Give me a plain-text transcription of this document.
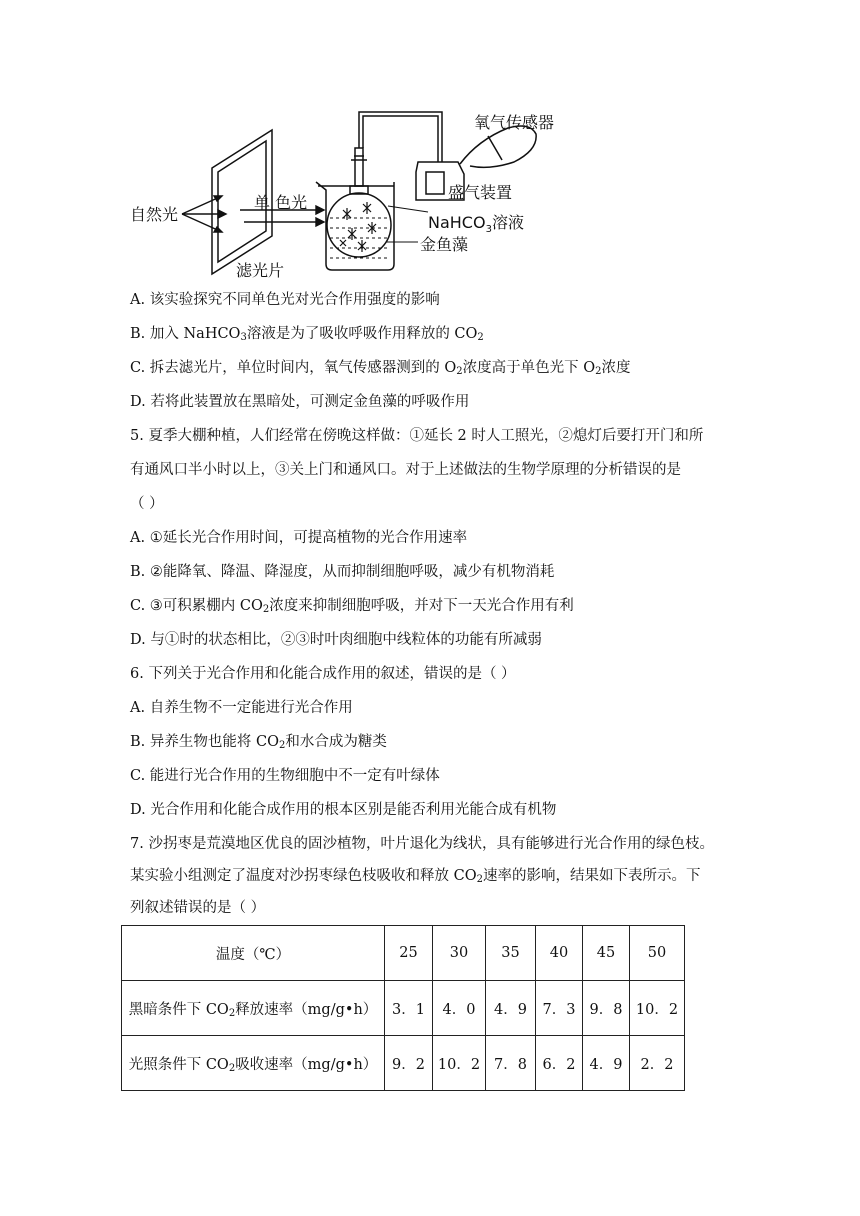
自然光
单 色光
滤光片
氧气传感器
盛气装置
NaHCO$_3$溶液
金鱼藻
A. 该实验探究不同单色光对光合作用强度的影响
B. 加入 NaHCO$_3$溶液是为了吸收呼吸作用释放的 $CO_2$
C. 拆去滤光片，单位时间内，氧气传感器测到的 $O_2$浓度高于单色光下 $O_2$浓度
D. 若将此装置放在黑暗处，可测定金鱼藻的呼吸作用
5. 夏季大棚种植，人们经常在傍晚这样做：①延长 2 时人工照光，②熄灯后要打开门和所
有通风口半小时以上，③关上门和通风口。对于上述做法的生物学原理的分析错误的是
（ ）
A. ①延长光合作用时间，可提高植物的光合作用速率
B. ②能降氧、降温、降湿度，从而抑制细胞呼吸，减少有机物消耗
C. ③可积累棚内 $CO_2$浓度来抑制细胞呼吸，并对下一天光合作用有利
D. 与①时的状态相比，②③时叶肉细胞中线粒体的功能有所减弱
6. 下列关于光合作用和化能合成作用的叙述，错误的是（ ）
A. 自养生物不一定能进行光合作用
B. 异养生物也能将 $CO_2$和水合成为糖类
C. 能进行光合作用的生物细胞中不一定有叶绿体
D. 光合作用和化能合成作用的根本区别是能否利用光能合成有机物
7. 沙拐枣是荒漠地区优良的固沙植物，叶片退化为线状，具有能够进行光合作用的绿色枝。
某实验小组测定了温度对沙拐枣绿色枝吸收和释放 $CO_2$速率的影响，结果如下表所示。下
列叙述错误的是（ ）
温度（℃）	25	30	35	40	45	50
黑暗条件下 $CO_2$释放速率（mg/g•h）	3．1	4．0	4．9	7．3	9．8	10．2
光照条件下 $CO_2$吸收速率（mg/g•h）	9．2	10．2	7．8	6．2	4．9	2．2
